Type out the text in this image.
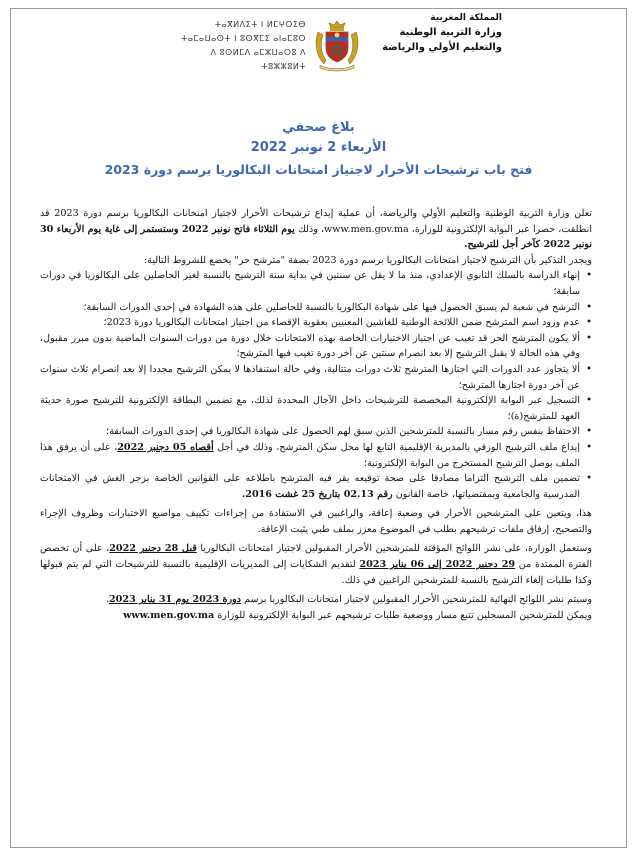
ⵜⴰⴳⵍⴷⵉⵜ ⵏ ⵍⵎⵖⵔⵉⴱ
ⵜⴰⵎⴰⵡⴰⵙⵜ ⵏ ⵓⵙⴳⵎⵉ ⴰⵏⴰⵎⵓⵔ
ⴷ ⵓⵙⵍⵎⴷ ⴰⵎⵣⵡⴰⵔⵓ ⴷ ⵜⵓⵣⵣⵓⵍⵜ
المملكة المغربية
وزارة التربية الوطنية
والتعليم الأولي والرياضة
بلاغ صحفي
الأربعاء 2 نونبر 2022
فتح باب ترشيحات الأحرار لاجتياز امتحانات البكالوريا برسم دورة 2023

تعلن وزارة التربية الوطنية والتعليم الأولي والرياضة، أن عملية إيداع ترشيحات الأحرار لاجتياز امتحانات البكالوريا برسم دورة 2023 قد انطلقت، حصرا عبر البوابة الإلكترونية للوزارة، www.men.gov.ma، وذلك يوم الثلاثاء فاتح نونبر 2022 وستستمر إلى غاية يوم الأربعاء 30 نونبر 2022 كآخر أجل للترشيح.

ويجدر التذكير بأن الترشيح لاجتياز امتحانات البكالوريا برسم دورة 2023 بصفة "مترشح حر" يخضع للشروط التالية:

• إنهاء الدراسة بالسلك الثانوي الإعدادي، منذ ما لا يقل عن سنتين في بداية سنة الترشيح بالنسبة لغير الحاصلين على البكالوريا في دورات سابقة؛
• الترشح في شعبة لم يسبق الحصول فيها على شهادة البكالوريا بالنسبة للحاصلين على هذه الشهادة في إحدى الدورات السابقة؛
• عدم ورود اسم المترشح ضمن اللائحة الوطنية للغاشين المعنيين بعقوبة الإقصاء من اجتياز امتحانات البكالوريا دورة 2023؛
• ألا يكون المترشح الحر قد تغيب عن اجتياز الاختبارات الخاصة بهذه الامتحانات خلال دورة من دورات السنوات الماضية بدون مبرر مقبول، وفي هذه الحالة لا يقبل الترشيح إلا بعد انصرام سنتين عن آخر دورة تغيب فيها المترشح؛
• ألا يتجاوز عدد الدورات التي اجتازها المترشح ثلاث دورات متتالية، وفي حالة استنفاذها لا يمكن الترشيح مجددا إلا بعد انصرام ثلاث سنوات عن آخر دورة اجتازها المترشح؛
• التسجيل عبر البوابة الإلكترونية المخصصة للترشيحات داخل الآجال المحددة لذلك، مع تضمين البطاقة الإلكترونية للترشيح صورة حديثة العهد للمترشح(ة)؛
• الاحتفاظ بنفس رقم مسار بالنسبة للمترشحين الذين سبق لهم الحصول على شهادة البكالوريا في إحدى الدورات السابقة؛
• إيداع ملف الترشيح الورقي بالمديرية الإقليمية التابع لها محل سكن المترشح، وذلك في أجل أقصاه 05 دجنبر 2022، على أن يرفق هذا الملف بوصل الترشيح المستخرج من البوابة الإلكترونية؛
• تضمين ملف الترشيح التزاما مصادقا على صحة توقيعه يقر فيه المترشح باطلاعه على القوانين الخاصة بزجر الغش في الامتحانات المدرسية والجامعية وبمقتضياتها، خاصة القانون رقم 02.13 بتاريخ 25 غشت 2016.

هذا، ويتعين على المترشحين الأحرار في وضعية إعاقة، والراغبين في الاستفادة من إجراءات تكييف مواضيع الاختبارات وظروف الإجراء والتصحيح، إرفاق ملفات ترشيحهم بطلب في الموضوع معزز بملف طبي يثبت الإعاقة.

وستعمل الوزارة، على نشر اللوائح المؤقتة للمترشحين الأحرار المقبولين لاجتياز امتحانات البكالوريا قبل 28 دجنبر 2022، على أن تخصص الفترة الممتدة من 29 دجنبر 2022 إلى 06 يناير 2023 لتقديم الشكايات إلى المديريات الإقليمية بالنسبة للترشيحات التي لم يتم قبولها وكذا طلبات إلغاء الترشيح بالنسبة للمترشحين الراغبين في ذلك.

وسيتم نشر اللوائح النهائية للمترشحين الأحرار المقبولين لاجتياز امتحانات البكالوريا برسم دورة 2023 يوم 31 يناير 2023.

ويمكن للمترشحين المسجلين تتبع مسار ووضعية طلبات ترشيحهم عبر البوابة الإلكترونية للوزارة www.men.gov.ma
